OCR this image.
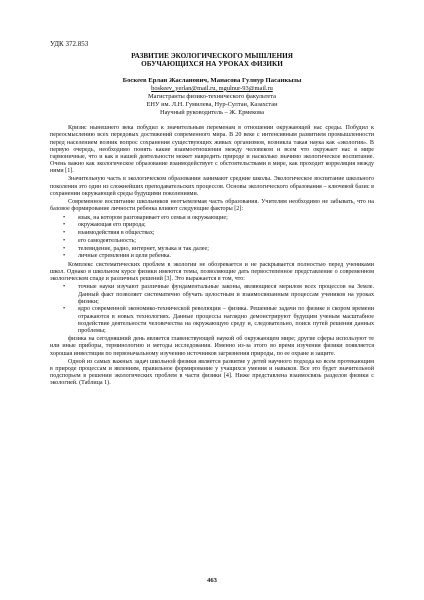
УДК 372.853
РАЗВИТИЕ ЭКОЛОГИЧЕСКОГО МЫШЛЕНИЯ
ОБУЧАЮЩИХСЯ НА УРОКАХ ФИЗИКИ
Боскеев Ерлан Жасланович, Манасова Гулнур Пасанкызы
boskeev_yerlan@mail.ru, mgulnur-93@mail.ru
Магистранты физико-технического факультета
ЕНУ им. Л.Н. Гумилева, Нур-Султан, Казахстан
Научный руководитель – Ж. Ермекова

Кризис нынешнего века побудил к значительным переменам в отношении окружающей нас среды. Побудил к переосмыслению всех передовых достижений современного мира. В 20 веке с интенсивным развитием промышленности перед населением возник вопрос сохранения существующих живых организмов, возникла такая наука как «экология». В первую очередь, необходимо понять какие взаимоотношения между человеком и всем что окружает нас в мире гармоничные, что и как в нашей деятельности может навредить природе и насколько значимо экологическое воспитание. Очень важно как экологическое образование взаимодействует с обстоятельствами в мире, как проходит корреляция между ними [1].

Значительную часть в экологическом образовании занимают средние школы. Экологическое воспитание школьного поколения это один из сложнейших преподавательских процессов. Основы экологического образования – ключевой базис в сохранении окружающей среды будущими поколениями.

Современное воспитание школьников неотъемлемая часть образования. Учителям необходимо не забывать, что на базовое формирование личности ребенка влияют следующие факторы [2]:

• язык, на котором разговаривает его семья и окружающие;
• окружающая его природа;
• взаимодействия в обществах;
• его самодеятельность;
• телевидение, радио, интернет, музыка и так далее;
• личные стремления и цели ребенка.

Комплекс систематических проблем в экологии не обозревается и не раскрывается полностью перед учениками школ. Однако в школьном курсе физики имеются темы, позволяющие дать первостепенное представление о современном экологическом спаде и различных решений [3]. Это выражается в том, что:

• точные науки изучают различные фундаментальные законы, являющиеся мерилом всех процессов на Земле. Данный факт позволяет систематично обучать целостным и взаимосвязанным процессам учеников на уроках физики;
• ядро современной экономико-технической революции – физика. Решенные задачи по физике в скором времени отражаются в новых технологиях. Данные процессы наглядно демонстрируют будущим ученым масштабное воздействие деятельности человечества на окружающую среду и, следовательно, поиск путей решения данных проблемы;

физика на сегодняшний день является главенствующей наукой об окружающем мире; другие сферы используют те или иные приборы, терминологию и методы исследования. Именно из-за этого во время изучения физики появляется хорошая инвестиция по первоначальному изучению источников загрязнения природы, по ее охране и защите.

Одной из самых важных задач школьной физики является развитие у детей научного подхода ко всем протекающим в природе процессам и явлениям, правильное формирование у учащихся умения и навыков. Все это будет значительной подспорьем в решении экологических проблем в части физики [4]. Ниже представлена взаимосвязь разделов физики с экологией. (Таблица 1).

463
